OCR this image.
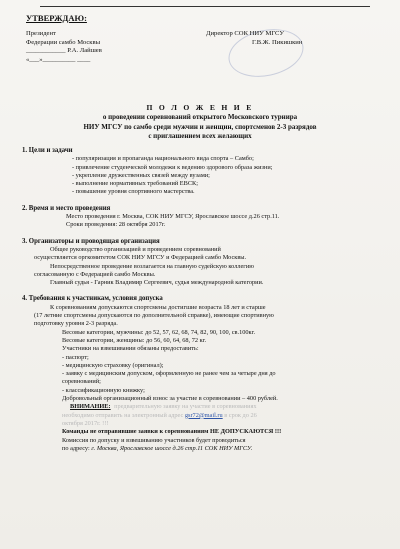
УТВЕРЖДАЮ:
Президент
Федерации самбо Москвы
____________ Р.А. Лайшев
«___»__________ ____
Директор СОК НИУ МГСУ
Г.В.Ж. Пикишкин
П О Л О Ж Е Н И Е
о проведении соревнований открытого Московского турнира
НИУ МГСУ по самбо среди мужчин и женщин, спортсменов 2-3 разрядов
с приглашением всех желающих
1. Цели и задачи
- популяризация и пропаганда национального вида спорта – Самбо;
- привлечение студенческой молодежи к ведению здорового образа жизни;
- укрепление дружественных связей между вузами;
- выполнение нормативных требований ЕВСК;
- повышение уровня спортивного мастерства.
2. Время и место проведения
Место проведения г. Москва, СОК НИУ МГСУ, Ярославское шоссе д.26 стр.11.
Сроки проведения: 28 октября 2017г.
3. Организаторы и проводящая организация
Общее руководство организацией и проведением соревнований
осуществляется оргкомитетом СОК НИУ МГСУ и Федерацией самбо Москвы.
Непосредственное проведение возлагается на главную судейскую коллегию
согласованную с Федерацией самбо Москвы.
Главный судья - Гарник Владимир Сергеевич, судья международной категории.
4. Требования к участникам, условия допуска
К соревнованиям допускаются спортсмены достигшие возраста 18 лет и старше
(17 летние спортсмены допускаются по дополнительной справке), имеющие спортивную
подготовку уровня 2-3 разряда.
Весовые категории, мужчины: до 52, 57, 62, 68, 74, 82, 90, 100, св.100кг.
Весовые категории, женщины: до 56, 60, 64, 68, 72 кг.
Участники на взвешивании обязаны предоставить:
- паспорт;
- медицинскую страховку (оригинал);
- заявку с медицинским допуском, оформленную не ранее чем за четыре дня до
соревнований;
- классификационную книжку;
Добровольный организационный взнос за участие в соревновании – 400 рублей.
ВНИМАНИЕ: предварительную заявку на участие в соревнованиях
необходимо отправить на электронный адрес gsr72@mail.ru в срок до 26
октября 2017г. !!!
Команды не отправившие заявки к соревнованиям НЕ ДОПУСКАЮТСЯ !!!
Комиссия по допуску и взвешиванию участников будет проводиться
по адресу: г. Москва, Ярославское шоссе д.26 стр.11 СОК НИУ МГСУ.
